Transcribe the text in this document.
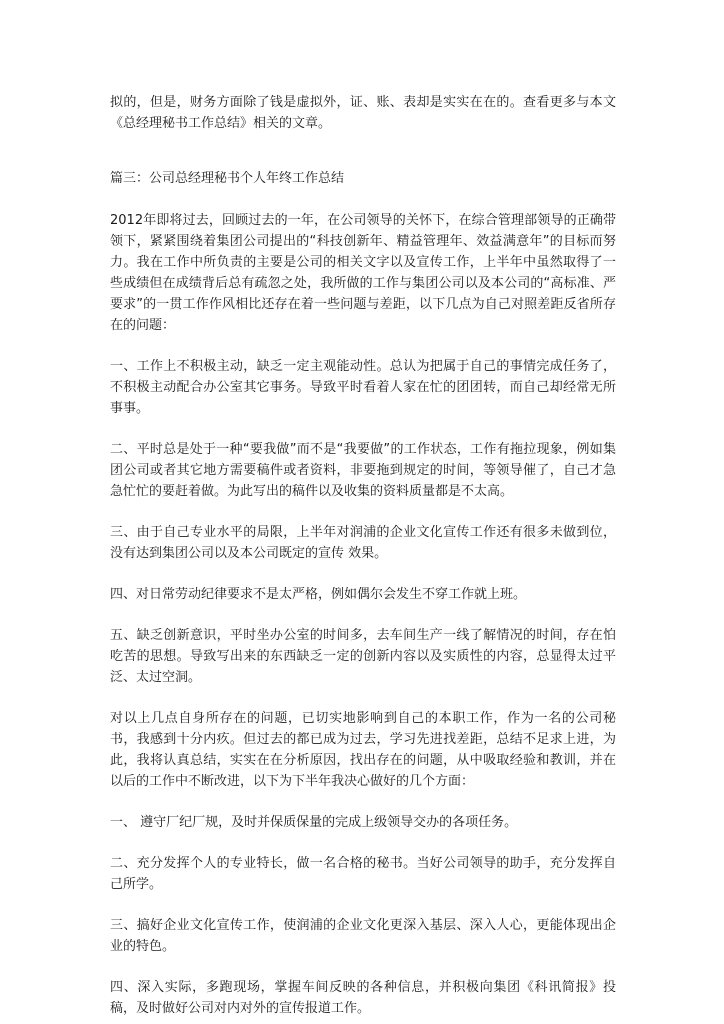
拟的，但是，财务方面除了钱是虚拟外，证、账、表却是实实在在的。查看更多与本文《总经理秘书工作总结》相关的文章。

篇三：公司总经理秘书个人年终工作总结

2012年即将过去，回顾过去的一年，在公司领导的关怀下，在综合管理部领导的正确带领下，紧紧围绕着集团公司提出的“科技创新年、精益管理年、效益满意年”的目标而努力。我在工作中所负责的主要是公司的相关文字以及宣传工作，上半年中虽然取得了一些成绩但在成绩背后总有疏忽之处，我所做的工作与集团公司以及本公司的“高标准、严要求”的一贯工作作风相比还存在着一些问题与差距，以下几点为自己对照差距反省所存在的问题：

一、工作上不积极主动，缺乏一定主观能动性。总认为把属于自己的事情完成任务了，不积极主动配合办公室其它事务。导致平时看着人家在忙的团团转，而自己却经常无所事事。

二、平时总是处于一种“要我做”而不是“我要做”的工作状态，工作有拖拉现象，例如集团公司或者其它地方需要稿件或者资料，非要拖到规定的时间，等领导催了，自己才急急忙忙的要赶着做。为此写出的稿件以及收集的资料质量都是不太高。

三、由于自己专业水平的局限，上半年对润浦的企业文化宣传工作还有很多未做到位，没有达到集团公司以及本公司既定的宣传 效果。

四、对日常劳动纪律要求不是太严格，例如偶尔会发生不穿工作就上班。

五、缺乏创新意识，平时坐办公室的时间多，去车间生产一线了解情况的时间，存在怕吃苦的思想。导致写出来的东西缺乏一定的创新内容以及实质性的内容，总显得太过平泛、太过空洞。

对以上几点自身所存在的问题，已切实地影响到自己的本职工作，作为一名的公司秘书，我感到十分内疚。但过去的都已成为过去，学习先进找差距，总结不足求上进，为此，我将认真总结，实实在在分析原因，找出存在的问题，从中吸取经验和教训，并在以后的工作中不断改进，以下为下半年我决心做好的几个方面：

一、 遵守厂纪厂规，及时并保质保量的完成上级领导交办的各项任务。

二、充分发挥个人的专业特长，做一名合格的秘书。当好公司领导的助手，充分发挥自己所学。

三、搞好企业文化宣传工作，使润浦的企业文化更深入基层、深入人心，更能体现出企业的特色。

四、深入实际，多跑现场，掌握车间反映的各种信息，并积极向集团《科讯简报》投稿，及时做好公司对内对外的宣传报道工作。
